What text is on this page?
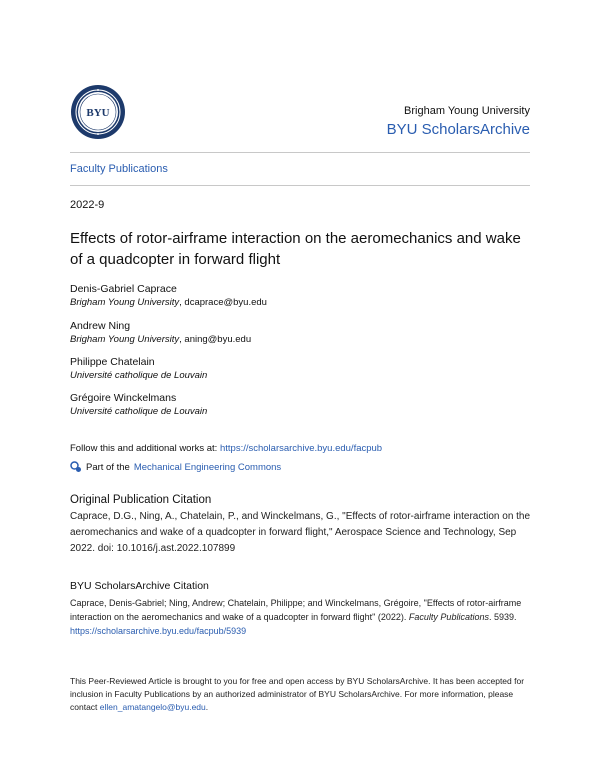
BYU	Brigham Young University
BYU ScholarsArchive
Faculty Publications
2022-9
Effects of rotor-airframe interaction on the aeromechanics and wake of a quadcopter in forward flight
Denis-Gabriel Caprace
Brigham Young University, dcaprace@byu.edu
Andrew Ning
Brigham Young University, aning@byu.edu
Philippe Chatelain
Université catholique de Louvain
Grégoire Winckelmans
Université catholique de Louvain
Follow this and additional works at: https://scholarsarchive.byu.edu/facpub
Part of the Mechanical Engineering Commons
Original Publication Citation
Caprace, D.G., Ning, A., Chatelain, P., and Winckelmans, G., "Effects of rotor-airframe interaction on the aeromechanics and wake of a quadcopter in forward flight," Aerospace Science and Technology, Sep 2022. doi: 10.1016/j.ast.2022.107899
BYU ScholarsArchive Citation
Caprace, Denis-Gabriel; Ning, Andrew; Chatelain, Philippe; and Winckelmans, Grégoire, "Effects of rotor-airframe interaction on the aeromechanics and wake of a quadcopter in forward flight" (2022). Faculty Publications. 5939.
https://scholarsarchive.byu.edu/facpub/5939
This Peer-Reviewed Article is brought to you for free and open access by BYU ScholarsArchive. It has been accepted for inclusion in Faculty Publications by an authorized administrator of BYU ScholarsArchive. For more information, please contact ellen_amatangelo@byu.edu.
